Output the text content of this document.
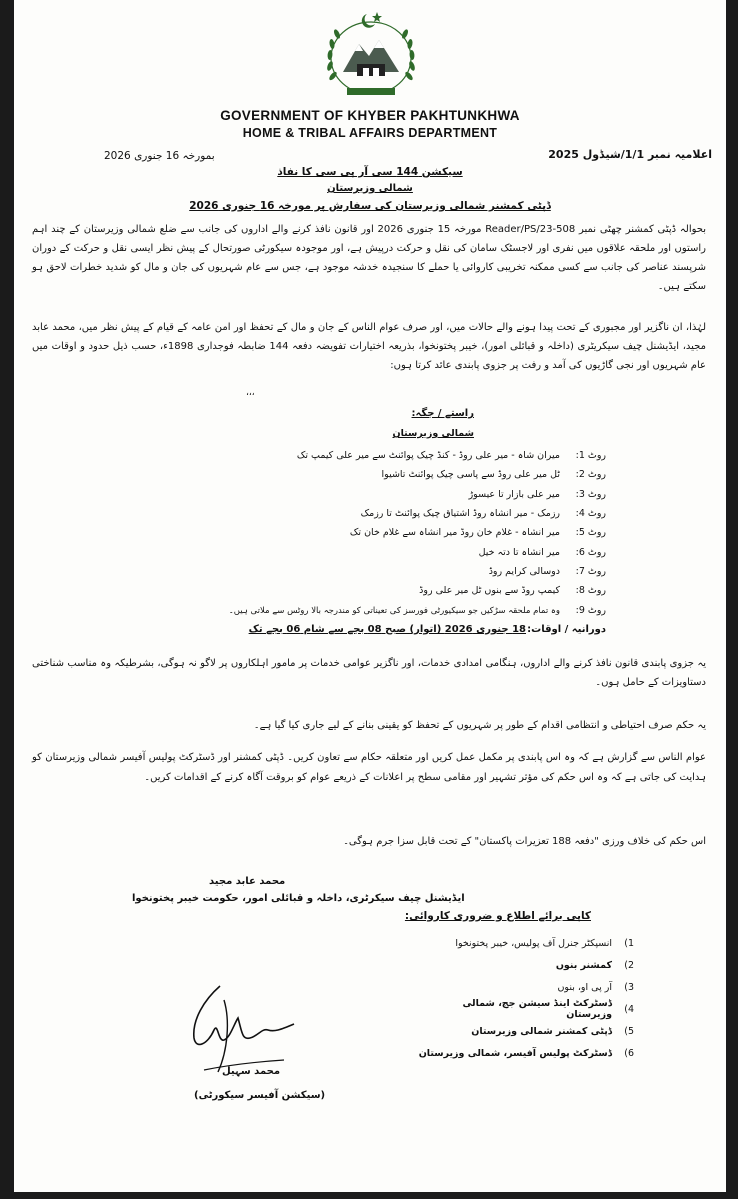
GOVERNMENT OF KHYBER PAKHTUNKHWA
HOME & TRIBAL AFFAIRS DEPARTMENT
اعلامیہ نمبر 1/1/شیڈول 2025
بمورخہ 16 جنوری 2026
سیکشن 144 سی آر پی سی کا نفاذ
شمالی وزیرستان
ڈپٹی کمشنر شمالی وزیرستان کی سفارش پر مورخہ 16 جنوری 2026
بحوالہ ڈپٹی کمشنر چھٹی نمبر Reader/PS/23-508 مورخہ 15 جنوری 2026 اور قانون نافذ کرنے والے اداروں کی جانب سے ضلع شمالی وزیرستان کے چند اہم راستوں اور ملحقہ علاقوں میں نفری اور لاجسٹک سامان کی نقل و حرکت درپیش ہے، اور موجودہ سیکورٹی صورتحال کے پیش نظر ایسی نقل و حرکت کے دوران شرپسند عناصر کی جانب سے کسی ممکنہ تخریبی کاروائی یا حملے کا سنجیدہ خدشہ موجود ہے، جس سے عام شہریوں کی جان و مال کو شدید خطرات لاحق ہو سکتے ہیں۔
لہٰذا، ان ناگزیر اور مجبوری کے تحت پیدا ہونے والے حالات میں، اور صرف عوام الناس کے جان و مال کے تحفظ اور امن عامہ کے قیام کے پیش نظر میں، محمد عابد مجید، ایڈیشنل چیف سیکریٹری (داخلہ و قبائلی امور)، خیبر پختونخوا، بذریعہ اختیارات تفویضہ دفعہ 144 ضابطہ فوجداری 1898ء، حسب ذیل حدود و اوقات میں عام شہریوں اور نجی گاڑیوں کی آمد و رفت پر جزوی پابندی عائد کرتا ہوں:
،،،
راستے / جگہ:
شمالی وزیرستان
روٹ 1:
میران شاہ - میر علی روڈ - کنڈ چیک پوائنٹ سے میر علی کیمپ تک
روٹ 2:
ٹل میر علی روڈ سے پاسی چیک پوائنٹ تاشیوا
روٹ 3:
میر علی بازار تا عیسوڑ
روٹ 4:
رزمک - میر انشاہ روڈ اشتیاق چیک پوائنٹ تا رزمک
روٹ 5:
میر انشاہ - غلام خان روڈ میر انشاہ سے غلام خان تک
روٹ 6:
میر انشاہ تا دتہ خیل
روٹ 7:
دوسالی کرایم روڈ
روٹ 8:
کیمپ روڈ سے بنوں ٹل میر علی روڈ
روٹ 9:
وہ تمام ملحقہ سڑکیں جو سیکیورٹی فورسز کی تعیناتی کو مندرجہ بالا روٹس سے ملاتی ہیں۔
دورانیہ / اوقات:
18 جنوری 2026 (اتوار) صبح 08 بجے سے شام 06 بجے تک
یہ جزوی پابندی قانون نافذ کرنے والے اداروں، ہنگامی امدادی خدمات، اور ناگزیر عوامی خدمات پر مامور اہلکاروں پر لاگو نہ ہوگی، بشرطیکہ وہ مناسب شناختی دستاویزات کے حامل ہوں۔
یہ حکم صرف احتیاطی و انتظامی اقدام کے طور پر شہریوں کے تحفظ کو یقینی بنانے کے لیے جاری کیا گیا ہے۔
عوام الناس سے گزارش ہے کہ وہ اس پابندی پر مکمل عمل کریں اور متعلقہ حکام سے تعاون کریں۔ ڈپٹی کمشنر اور ڈسٹرکٹ پولیس آفیسر شمالی وزیرستان کو ہدایت کی جاتی ہے کہ وہ اس حکم کی مؤثر تشہیر اور مقامی سطح پر اعلانات کے ذریعے عوام کو بروقت آگاہ کرنے کے اقدامات کریں۔
اس حکم کی خلاف ورزی "دفعہ 188 تعزیرات پاکستان" کے تحت قابل سزا جرم ہوگی۔
محمد عابد مجید
ایڈیشنل چیف سیکرٹری، داخلہ و قبائلی امور، حکومت خیبر پختونخوا
کاپی برائے اطلاع و ضروری کاروائی:
1)
انسپکٹر جنرل آف پولیس، خیبر پختونخوا
2)
کمشنر بنوں
3)
آر پی او، بنوں
4)
ڈسٹرکٹ اینڈ سیشن جج، شمالی وزیرستان
5)
ڈپٹی کمشنر شمالی وزیرستان
6)
ڈسٹرکٹ پولیس آفیسر، شمالی وزیرستان
محمد سہیل
(سیکشن آفیسر سیکورٹی)
